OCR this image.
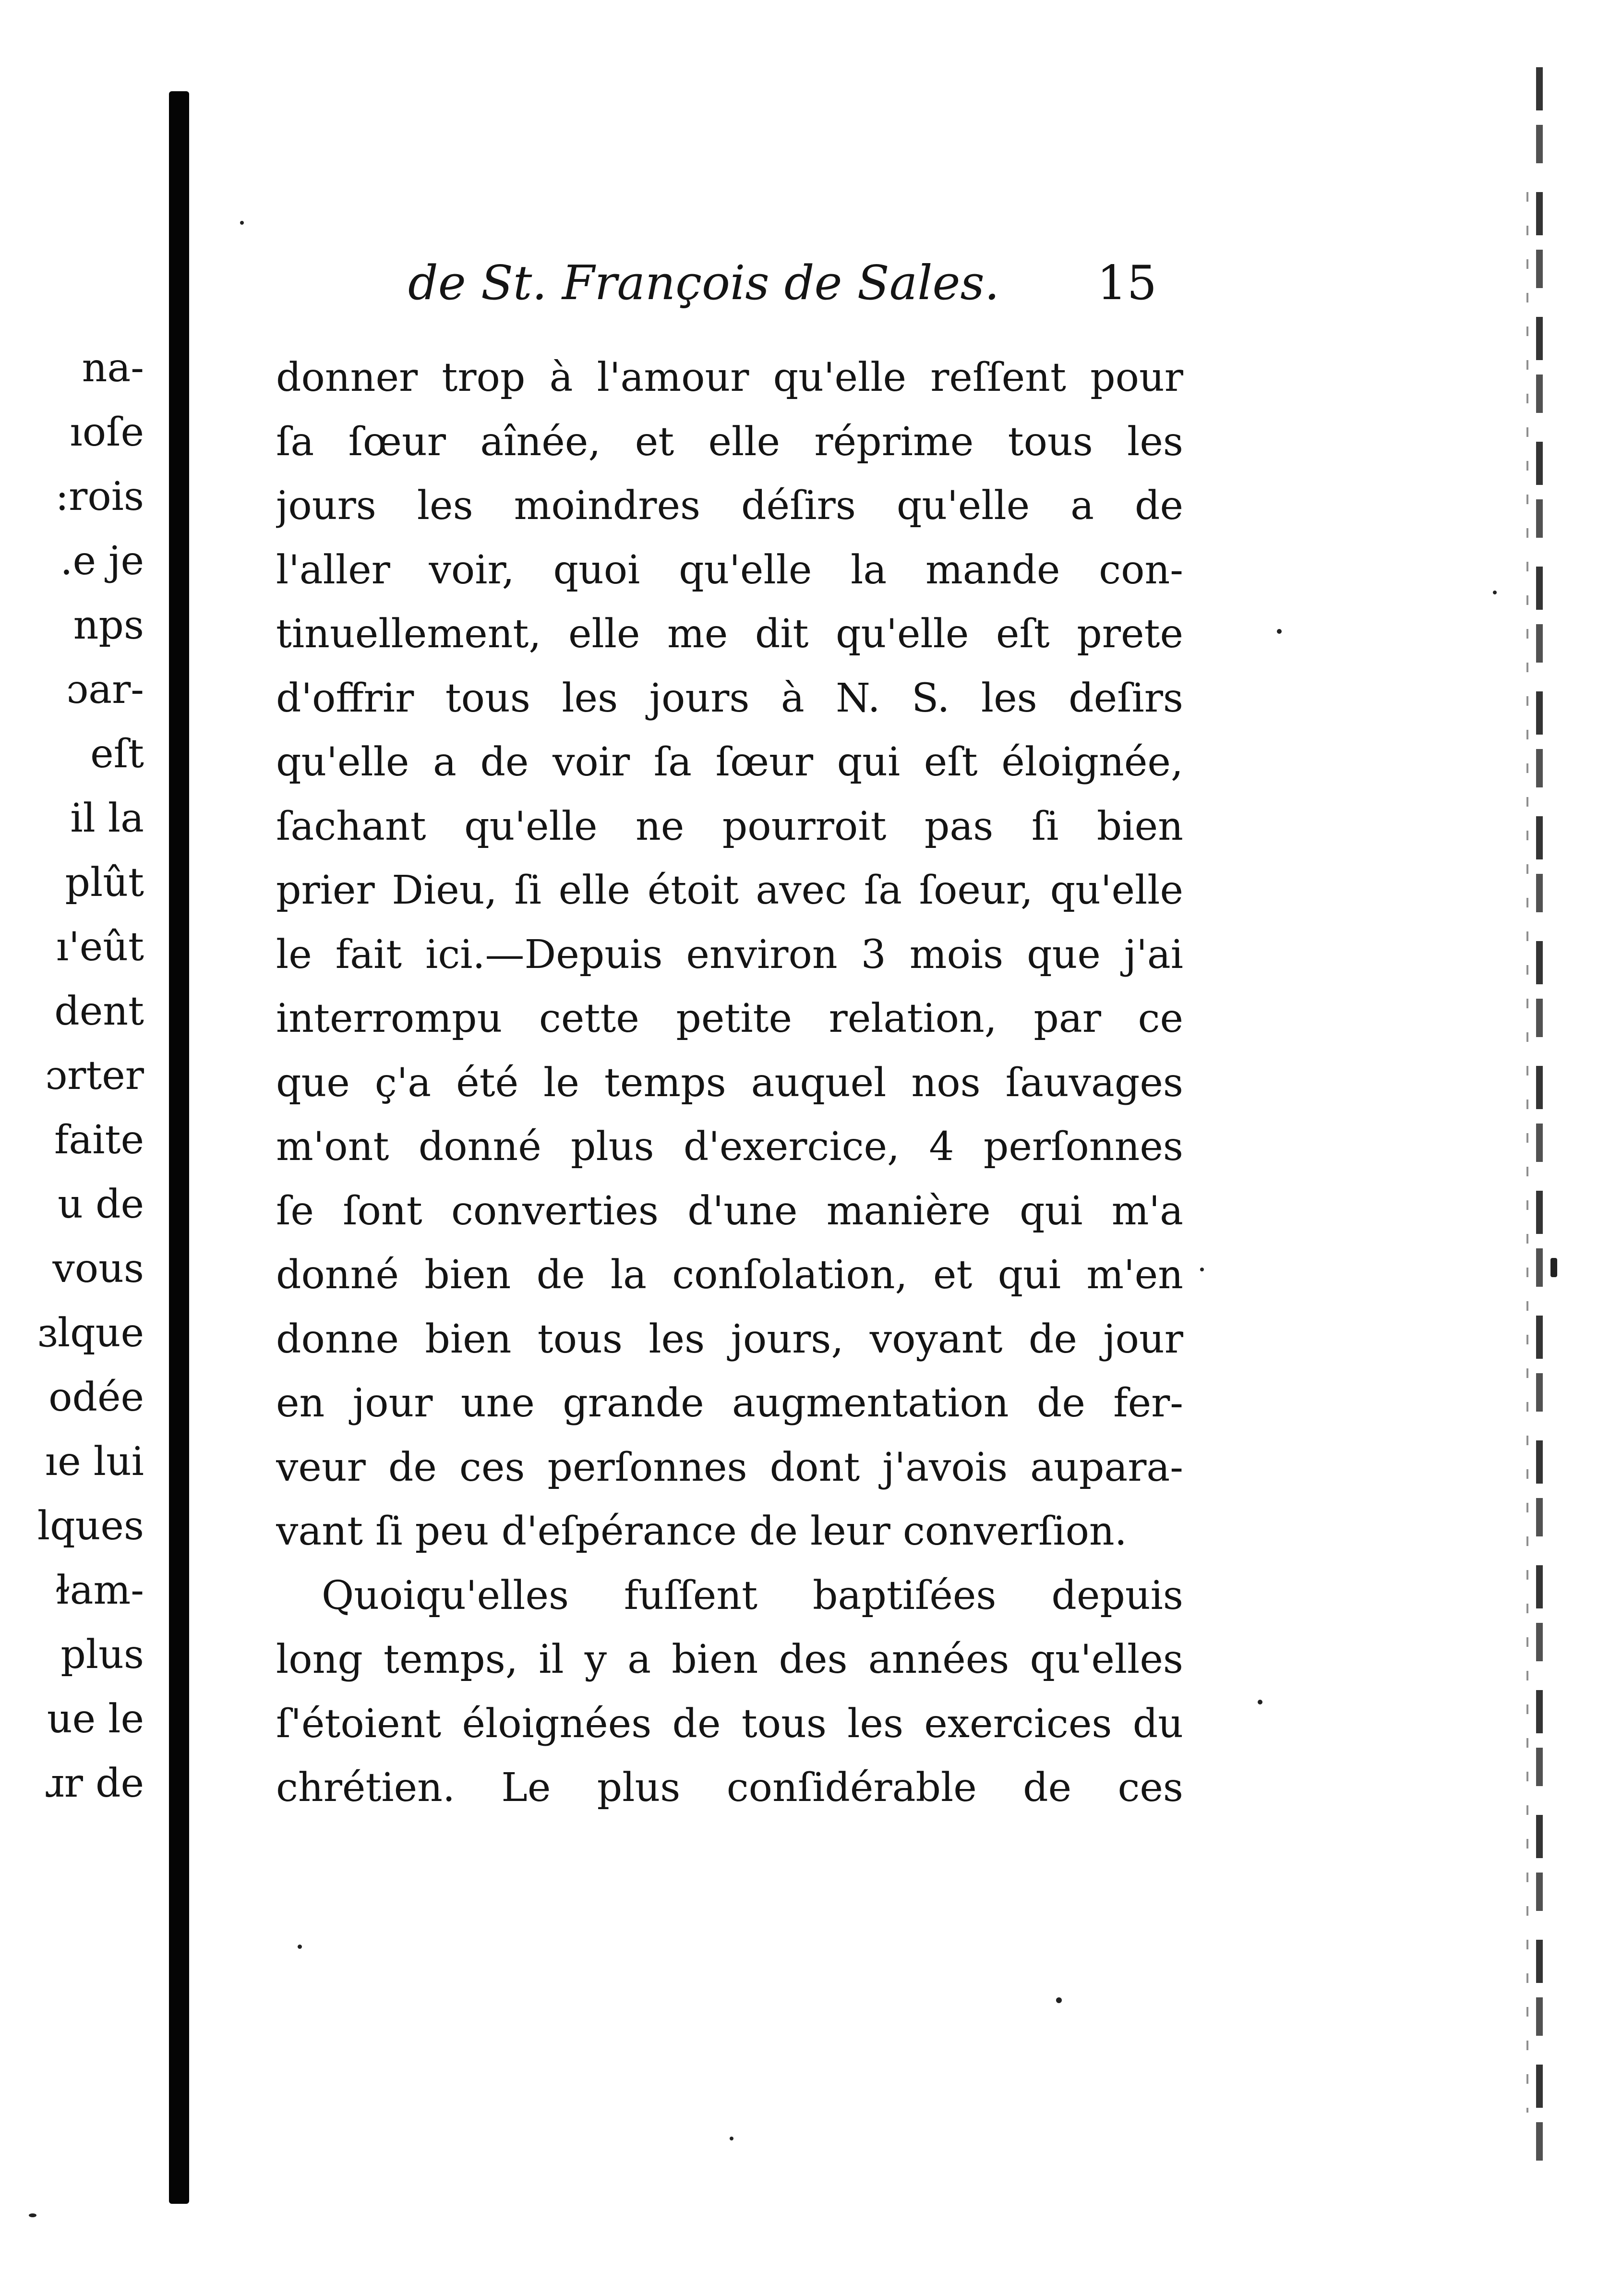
na-
ıoſe
:rois
.e je
nps
ɔar-
eſt
il la
plût
ı'eût
dent
ɔrter
faite
u de
vous
ɜlque
odée
ıe lui
lques
ɫam-
plus
ue le
ɹr de
de St. François de Sales. 15
donner trop à l'amour qu'elle reſſent pour
ſa ſœur aînée, et elle réprime tous les
jours les moindres déſirs qu'elle a de
l'aller voir, quoi qu'elle la mande con-
tinuellement, elle me dit qu'elle eſt prete
d'offrir tous les jours à N. S. les deſirs
qu'elle a de voir ſa ſœur qui eſt éloignée,
ſachant qu'elle ne pourroit pas ſi bien
prier Dieu, ſi elle étoit avec ſa ſoeur, qu'elle
le fait ici.—Depuis environ 3 mois que j'ai
interrompu cette petite relation, par ce
que ç'a été le temps auquel nos ſauvages
m'ont donné plus d'exercice, 4 perſonnes
ſe ſont converties d'une manière qui m'a
donné bien de la conſolation, et qui m'en
donne bien tous les jours, voyant de jour
en jour une grande augmentation de fer-
veur de ces perſonnes dont j'avois aupara-
vant ſi peu d'eſpérance de leur converſion.
Quoiqu'elles fuſſent baptiſées depuis
long temps, il y a bien des années qu'elles
ſ'étoient éloignées de tous les exercices du
chrétien. Le plus conſidérable de ces
